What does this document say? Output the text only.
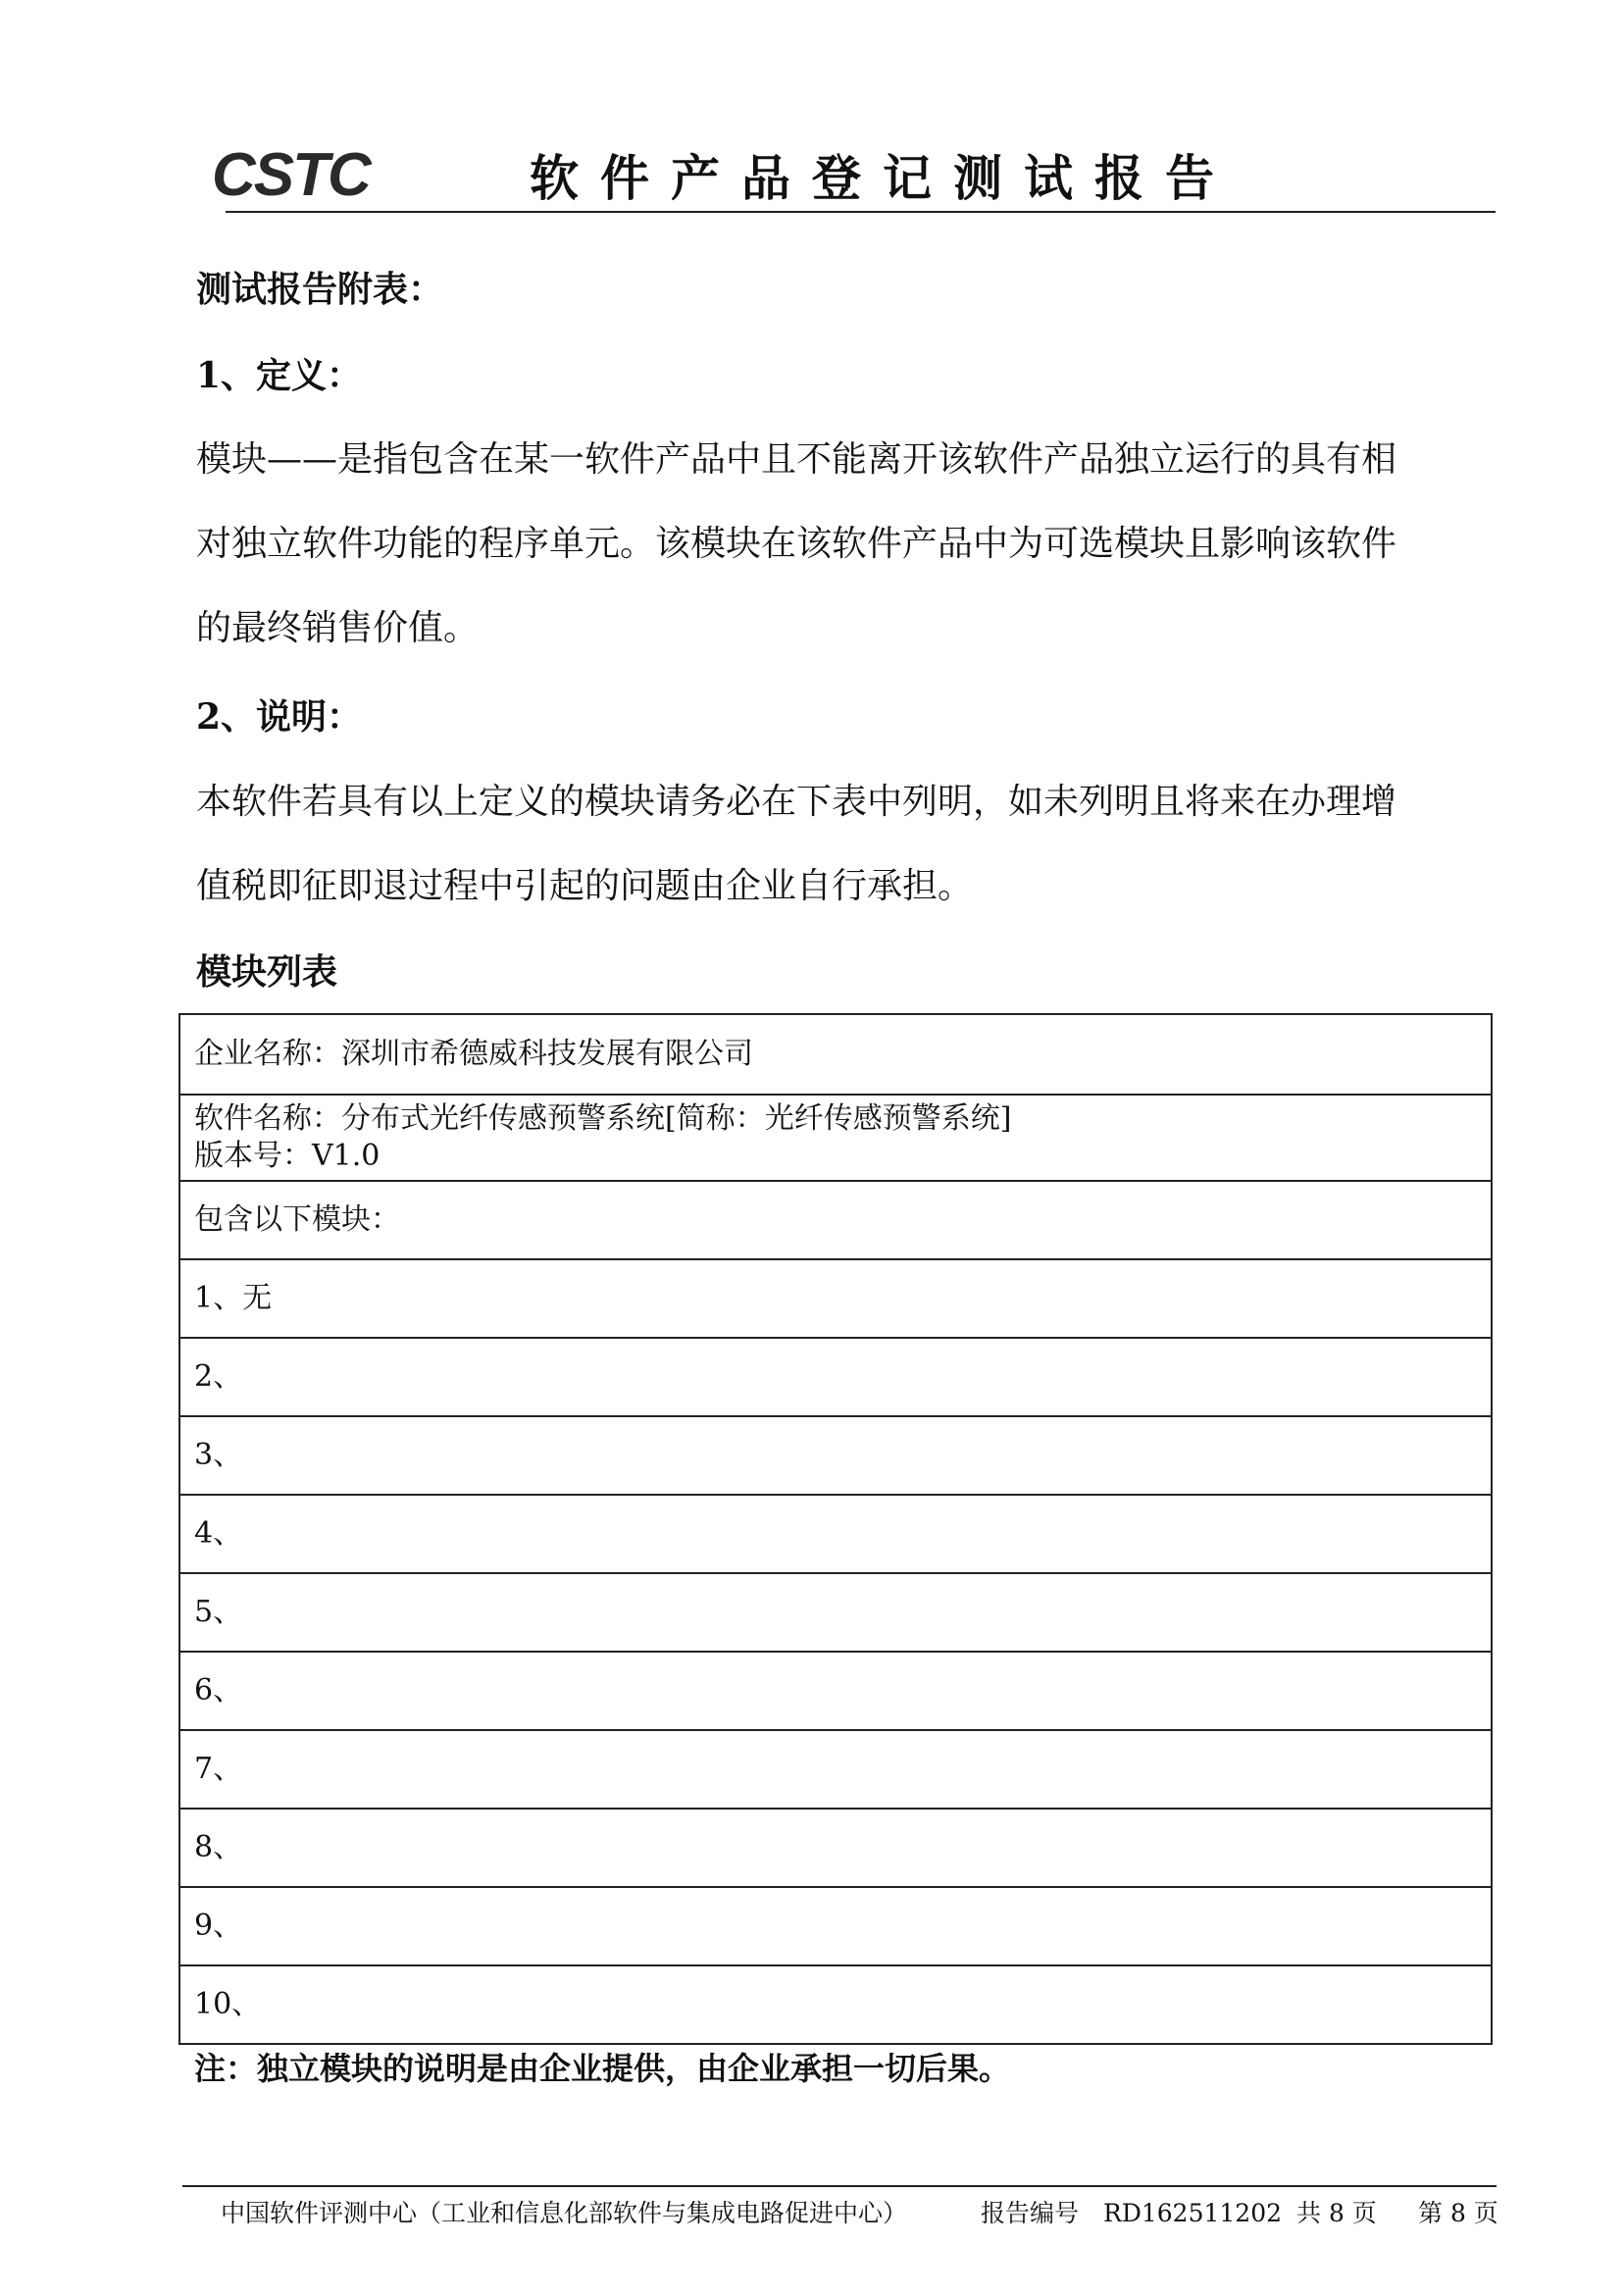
CSTC	软件产品登记测试报告
测试报告附表：
1、定义：
模块——是指包含在某一软件产品中且不能离开该软件产品独立运行的具有相
对独立软件功能的程序单元。该模块在该软件产品中为可选模块且影响该软件
的最终销售价值。
2、说明：
本软件若具有以上定义的模块请务必在下表中列明，如未列明且将来在办理增
值税即征即退过程中引起的问题由企业自行承担。
模块列表
企业名称：深圳市希德威科技发展有限公司

软件名称：分布式光纤传感预警系统[简称：光纤传感预警系统]
版本号：V1.0

包含以下模块：
1、无
2、
3、
4、
5、
6、
7、
8、
9、
10、
注：独立模块的说明是由企业提供，由企业承担一切后果。
中国软件评测中心（工业和信息化部软件与集成电路促进中心）	报告编号 RD162511202 共 8 页 第 8 页
